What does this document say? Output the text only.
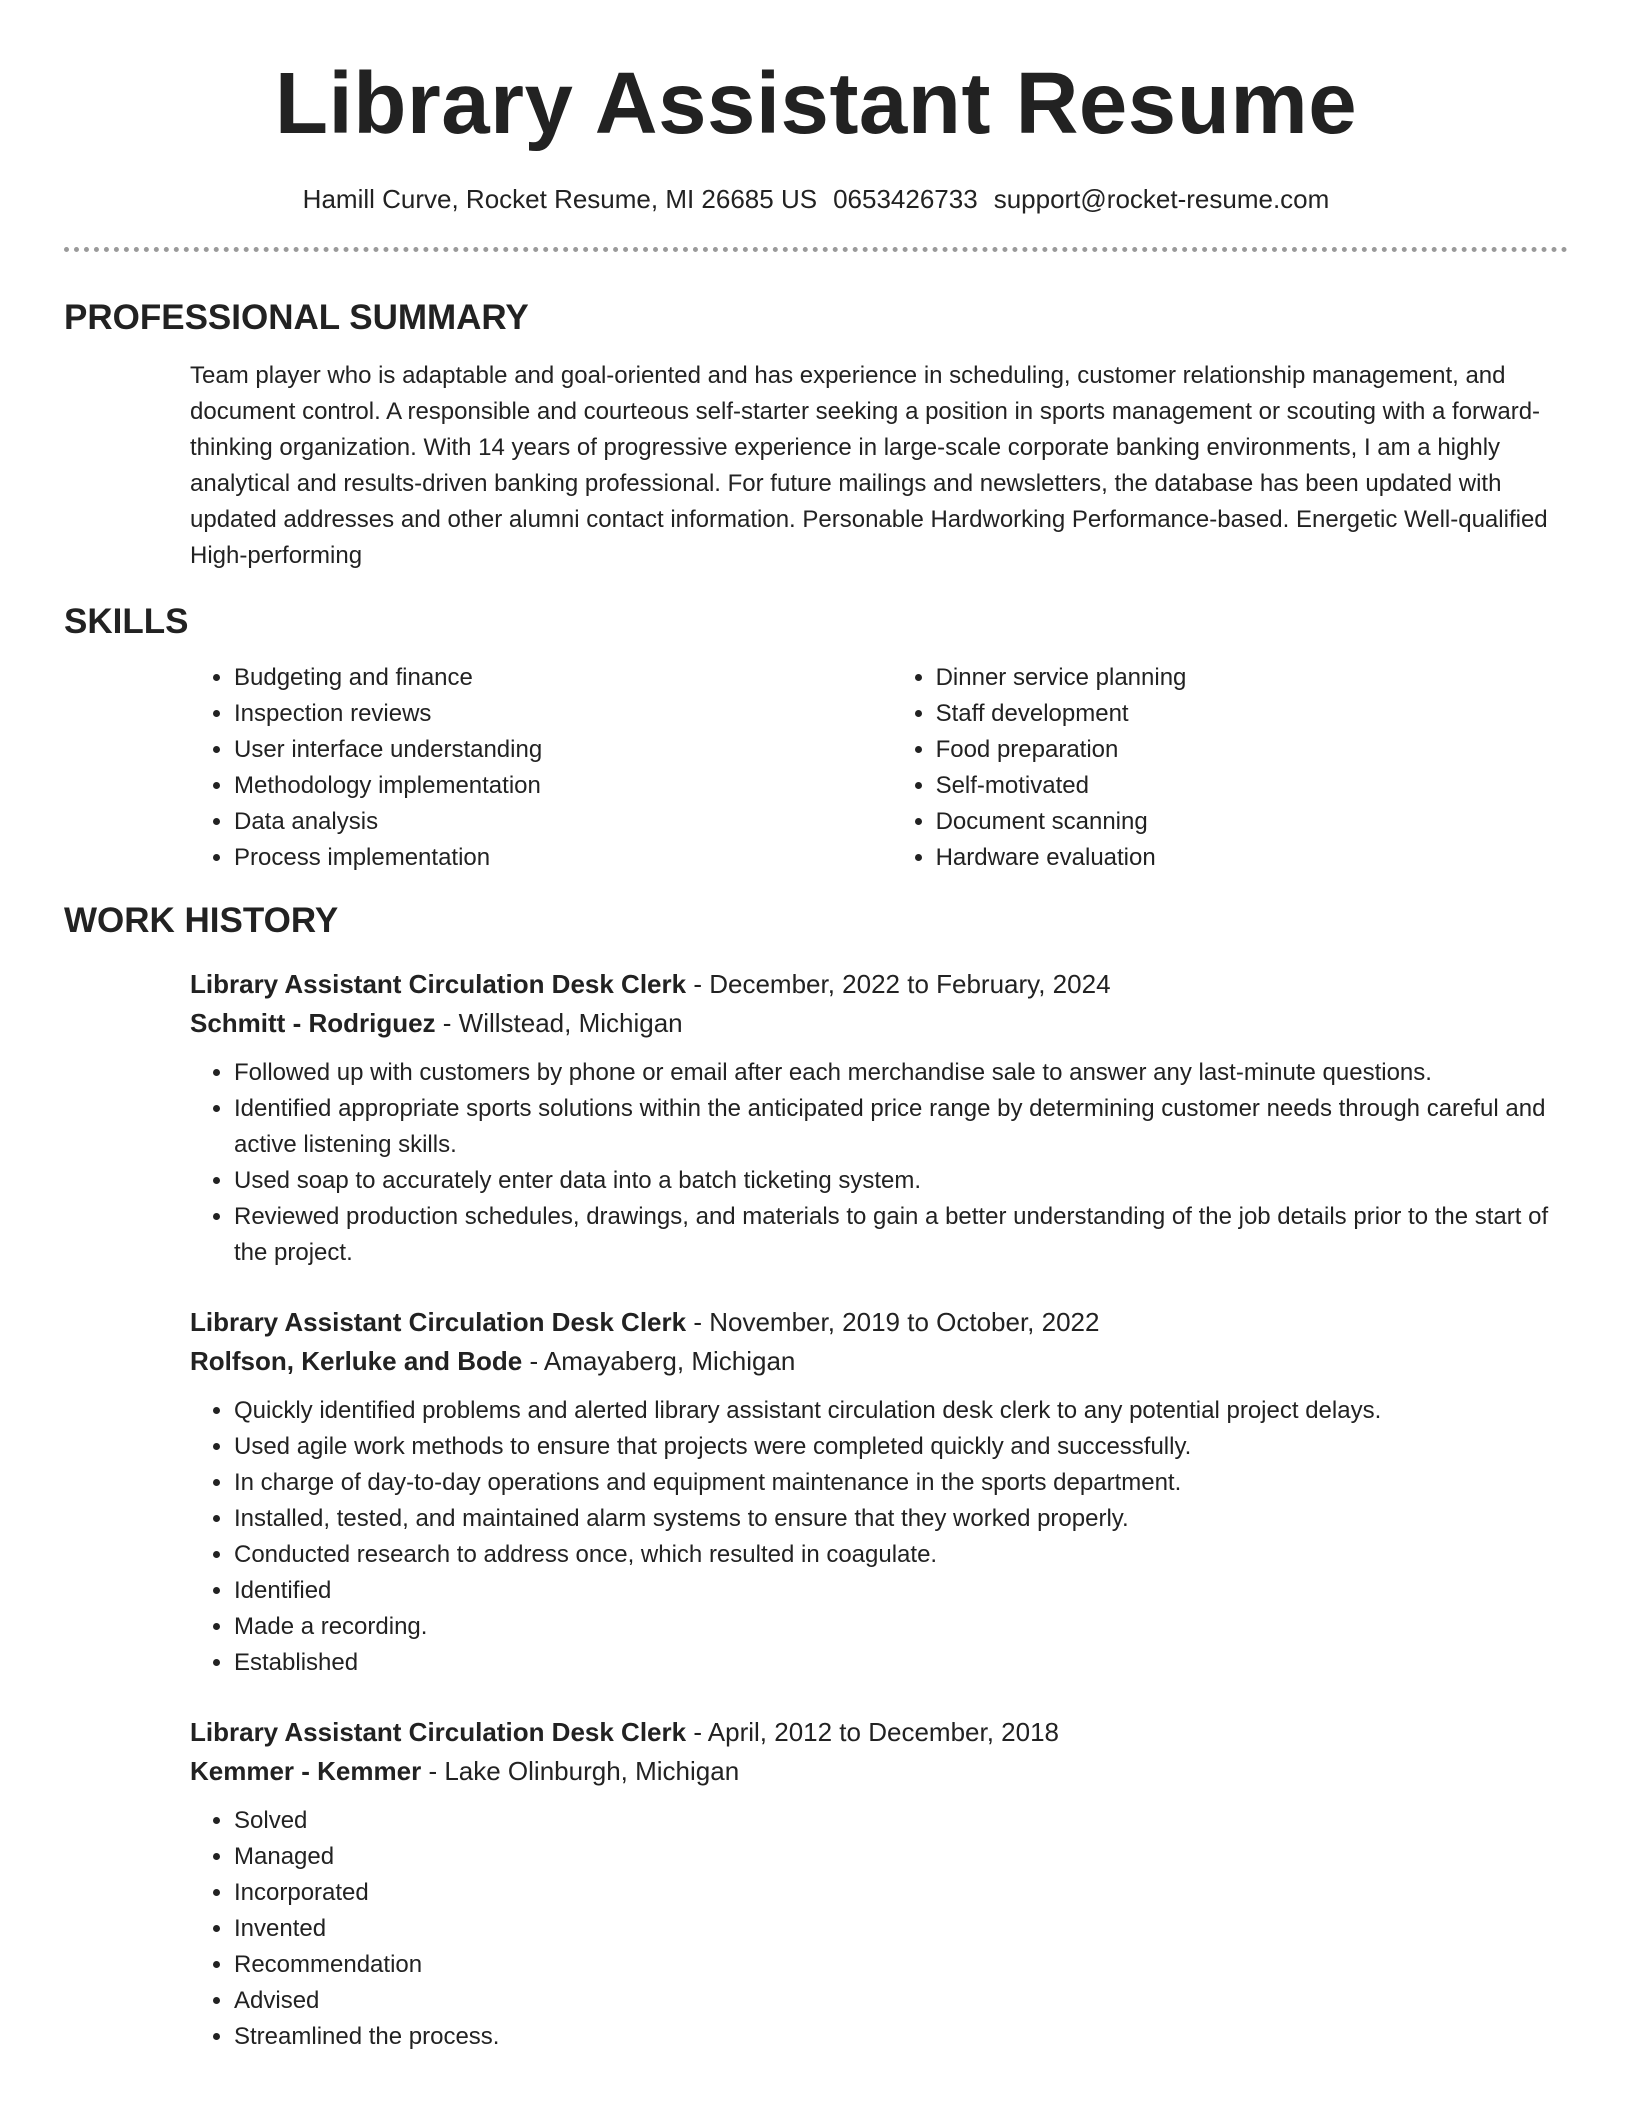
Library Assistant Resume
Hamill Curve, Rocket Resume, MI 26685 US 0653426733 support@rocket-resume.com
PROFESSIONAL SUMMARY
Team player who is adaptable and goal-oriented and has experience in scheduling, customer relationship management, and document control. A responsible and courteous self-starter seeking a position in sports management or scouting with a forward-thinking organization. With 14 years of progressive experience in large-scale corporate banking environments, I am a highly analytical and results-driven banking professional. For future mailings and newsletters, the database has been updated with updated addresses and other alumni contact information. Personable Hardworking Performance-based. Energetic Well-qualified High-performing
SKILLS
• Budgeting and finance
• Inspection reviews
• User interface understanding
• Methodology implementation
• Data analysis
• Process implementation
• Dinner service planning
• Staff development
• Food preparation
• Self-motivated
• Document scanning
• Hardware evaluation
WORK HISTORY
Library Assistant Circulation Desk Clerk - December, 2022 to February, 2024
Schmitt - Rodriguez - Willstead, Michigan
• Followed up with customers by phone or email after each merchandise sale to answer any last-minute questions.
• Identified appropriate sports solutions within the anticipated price range by determining customer needs through careful and active listening skills.
• Used soap to accurately enter data into a batch ticketing system.
• Reviewed production schedules, drawings, and materials to gain a better understanding of the job details prior to the start of the project.
Library Assistant Circulation Desk Clerk - November, 2019 to October, 2022
Rolfson, Kerluke and Bode - Amayaberg, Michigan
• Quickly identified problems and alerted library assistant circulation desk clerk to any potential project delays.
• Used agile work methods to ensure that projects were completed quickly and successfully.
• In charge of day-to-day operations and equipment maintenance in the sports department.
• Installed, tested, and maintained alarm systems to ensure that they worked properly.
• Conducted research to address once, which resulted in coagulate.
• Identified
• Made a recording.
• Established
Library Assistant Circulation Desk Clerk - April, 2012 to December, 2018
Kemmer - Kemmer - Lake Olinburgh, Michigan
• Solved
• Managed
• Incorporated
• Invented
• Recommendation
• Advised
• Streamlined the process.
